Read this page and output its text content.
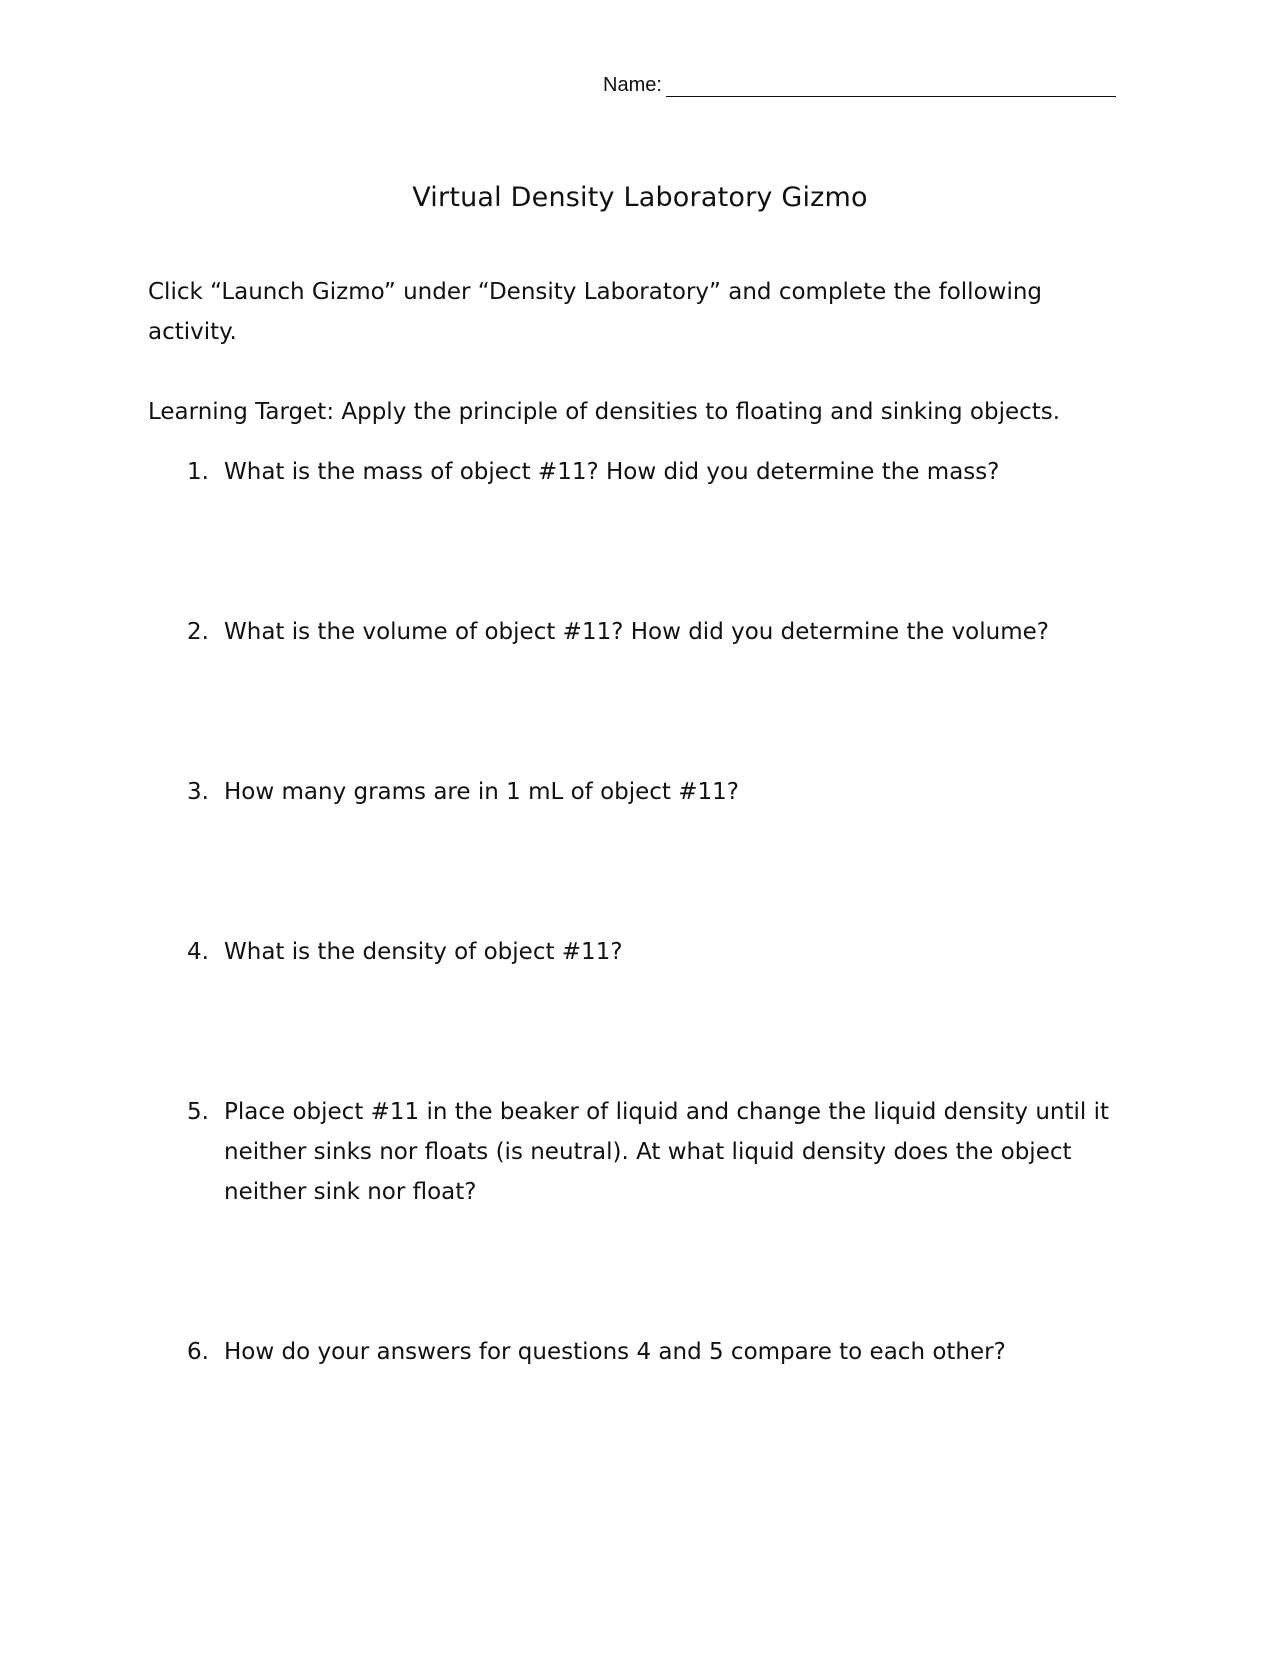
Name:
Virtual Density Laboratory Gizmo
Click “Launch Gizmo” under “Density Laboratory” and complete the following activity.
Learning Target: Apply the principle of densities to floating and sinking objects.
1. What is the mass of object #11? How did you determine the mass?
2. What is the volume of object #11? How did you determine the volume?
3. How many grams are in 1 mL of object #11?
4. What is the density of object #11?
5. Place object #11 in the beaker of liquid and change the liquid density until it neither sinks nor floats (is neutral). At what liquid density does the object neither sink nor float?
6. How do your answers for questions 4 and 5 compare to each other?
